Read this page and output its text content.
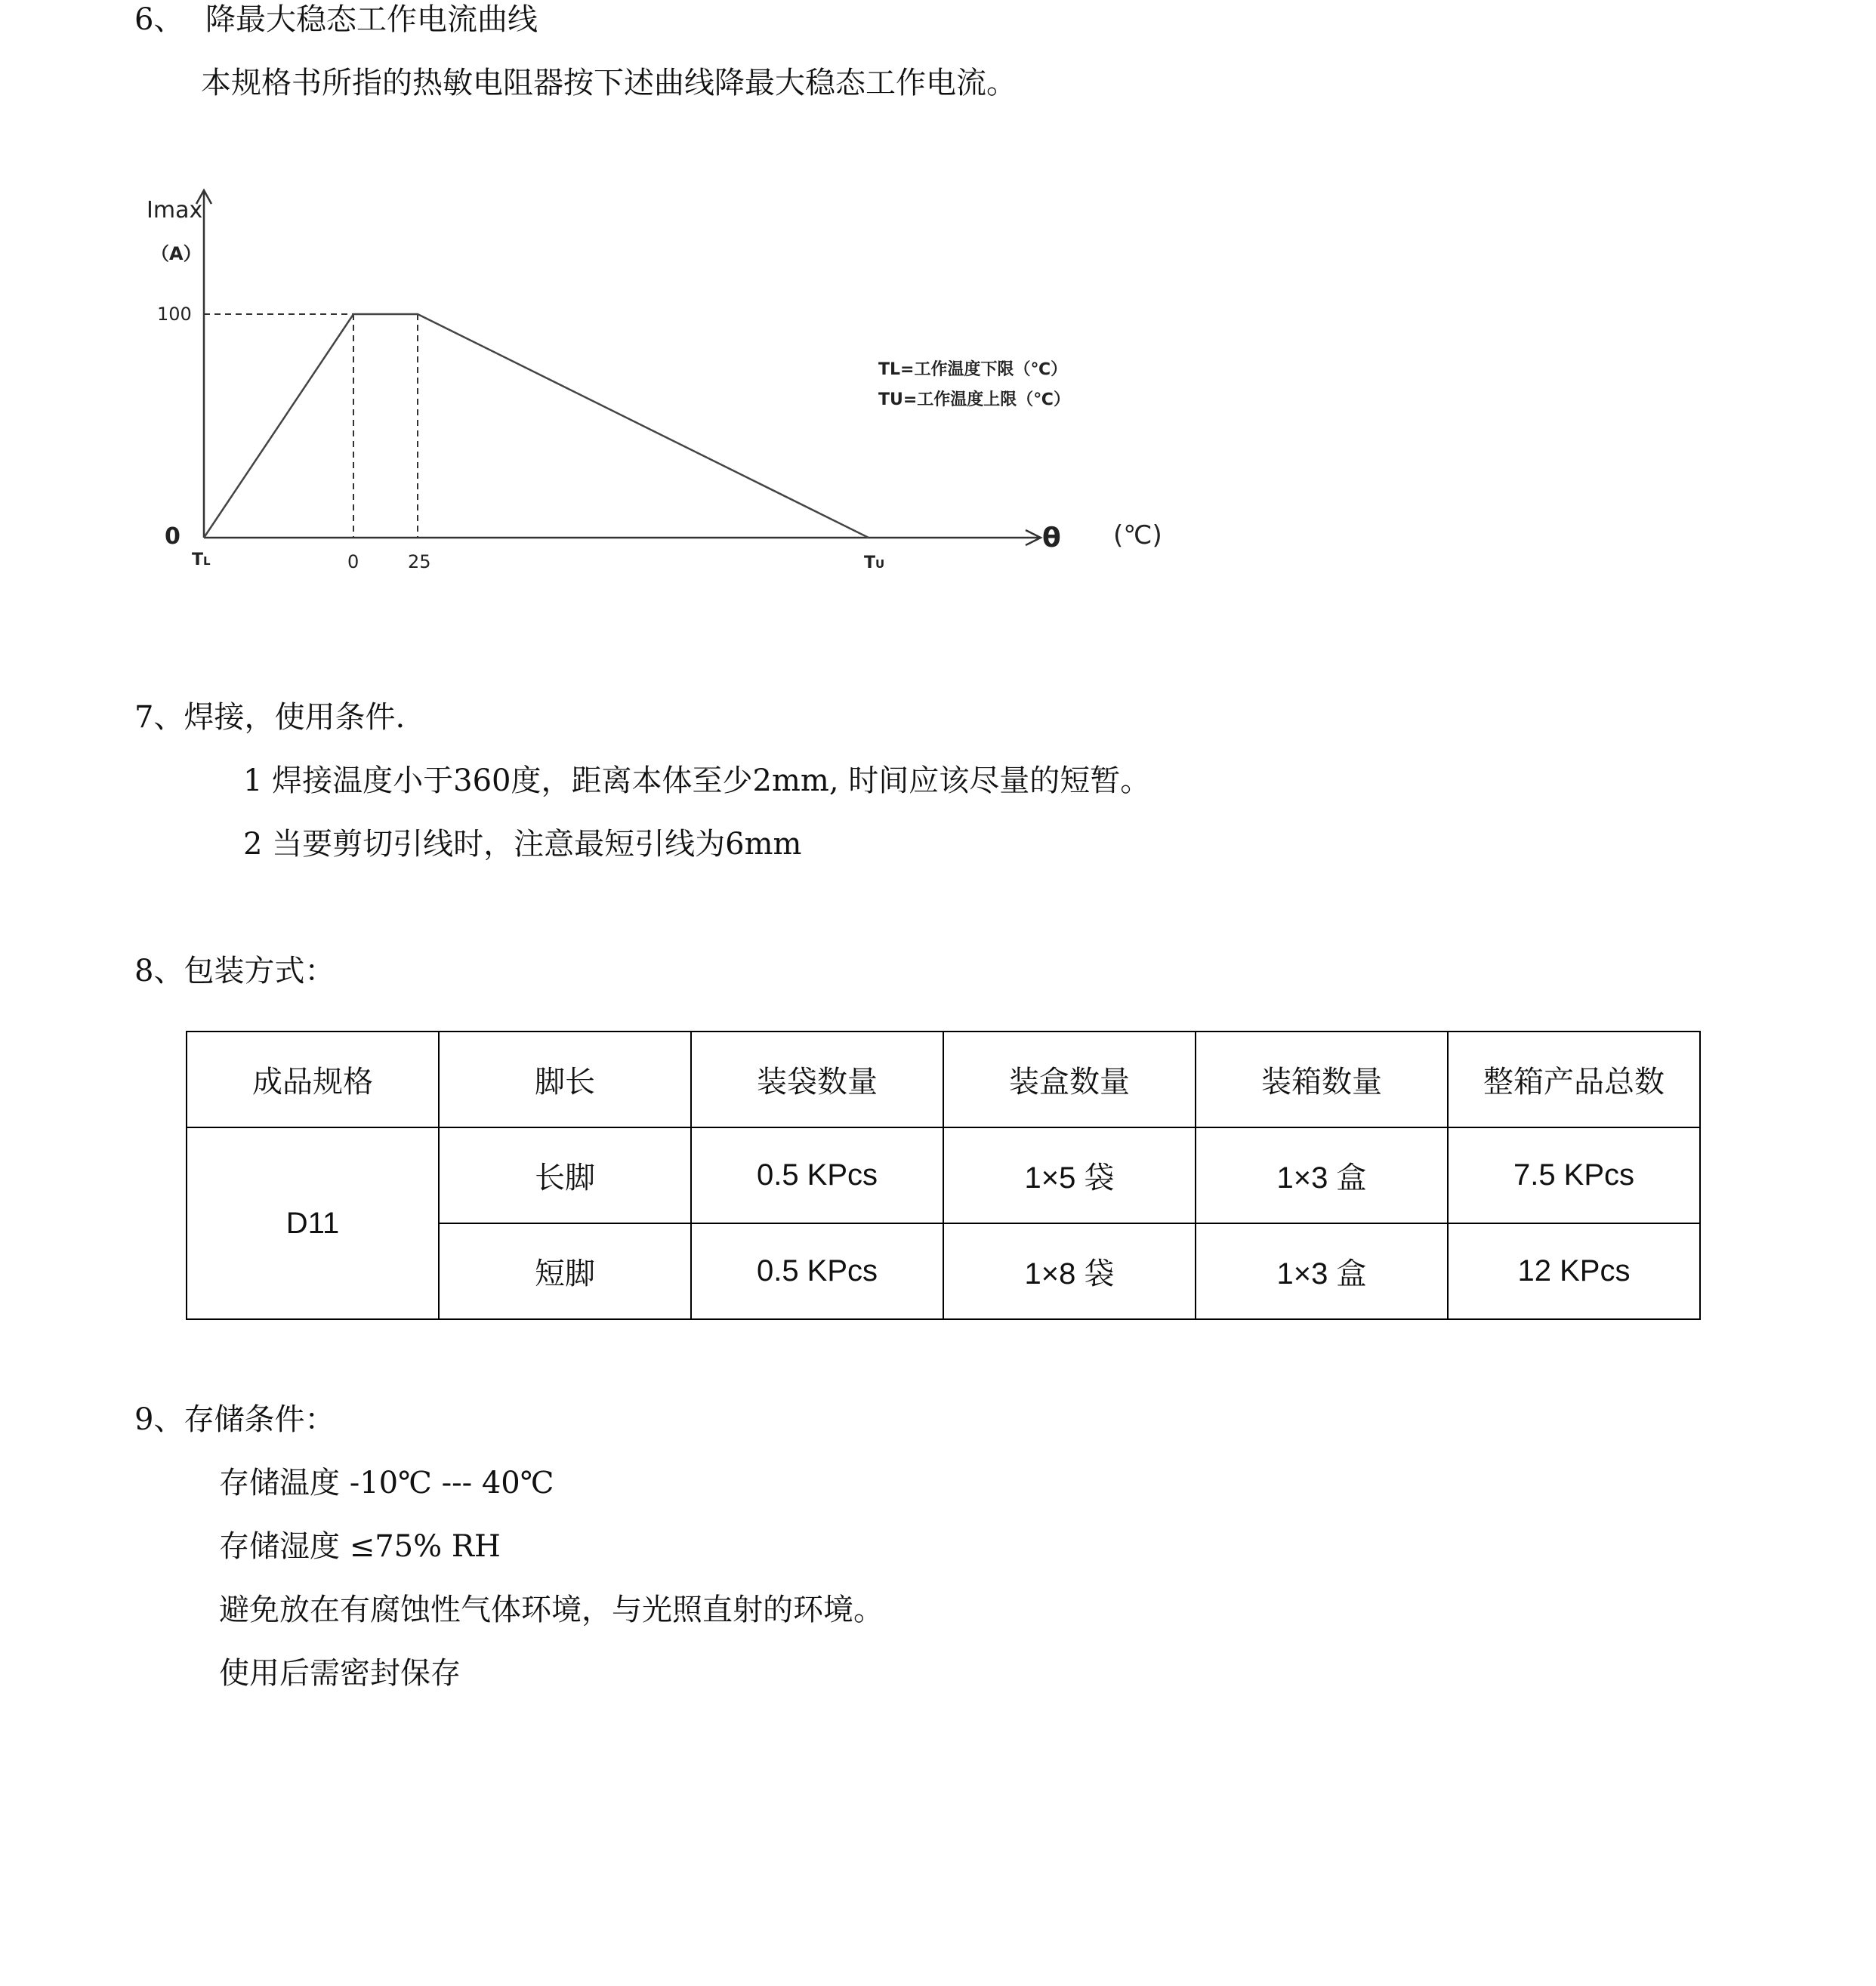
6、 降最大稳态工作电流曲线
本规格书所指的热敏电阻器按下述曲线降最大稳态工作电流。
Imax
（A）
100
0
TL	0	25	TU
θ (℃)
TL=工作温度下限（℃）
TU=工作温度上限（℃）
7、焊接，使用条件.
1 焊接温度小于360度，距离本体至少2mm, 时间应该尽量的短暂。
2 当要剪切引线时，注意最短引线为6mm
8、包装方式：
成品规格	脚长	装袋数量	装盒数量	装箱数量	整箱产品总数
D11	长脚	0.5 KPcs	1×5 袋	1×3 盒	7.5 KPcs
	短脚	0.5 KPcs	1×8 袋	1×3 盒	12 KPcs
9、存储条件：
存储温度 -10℃ --- 40℃
存储湿度 ≤75% RH
避免放在有腐蚀性气体环境，与光照直射的环境。
使用后需密封保存
